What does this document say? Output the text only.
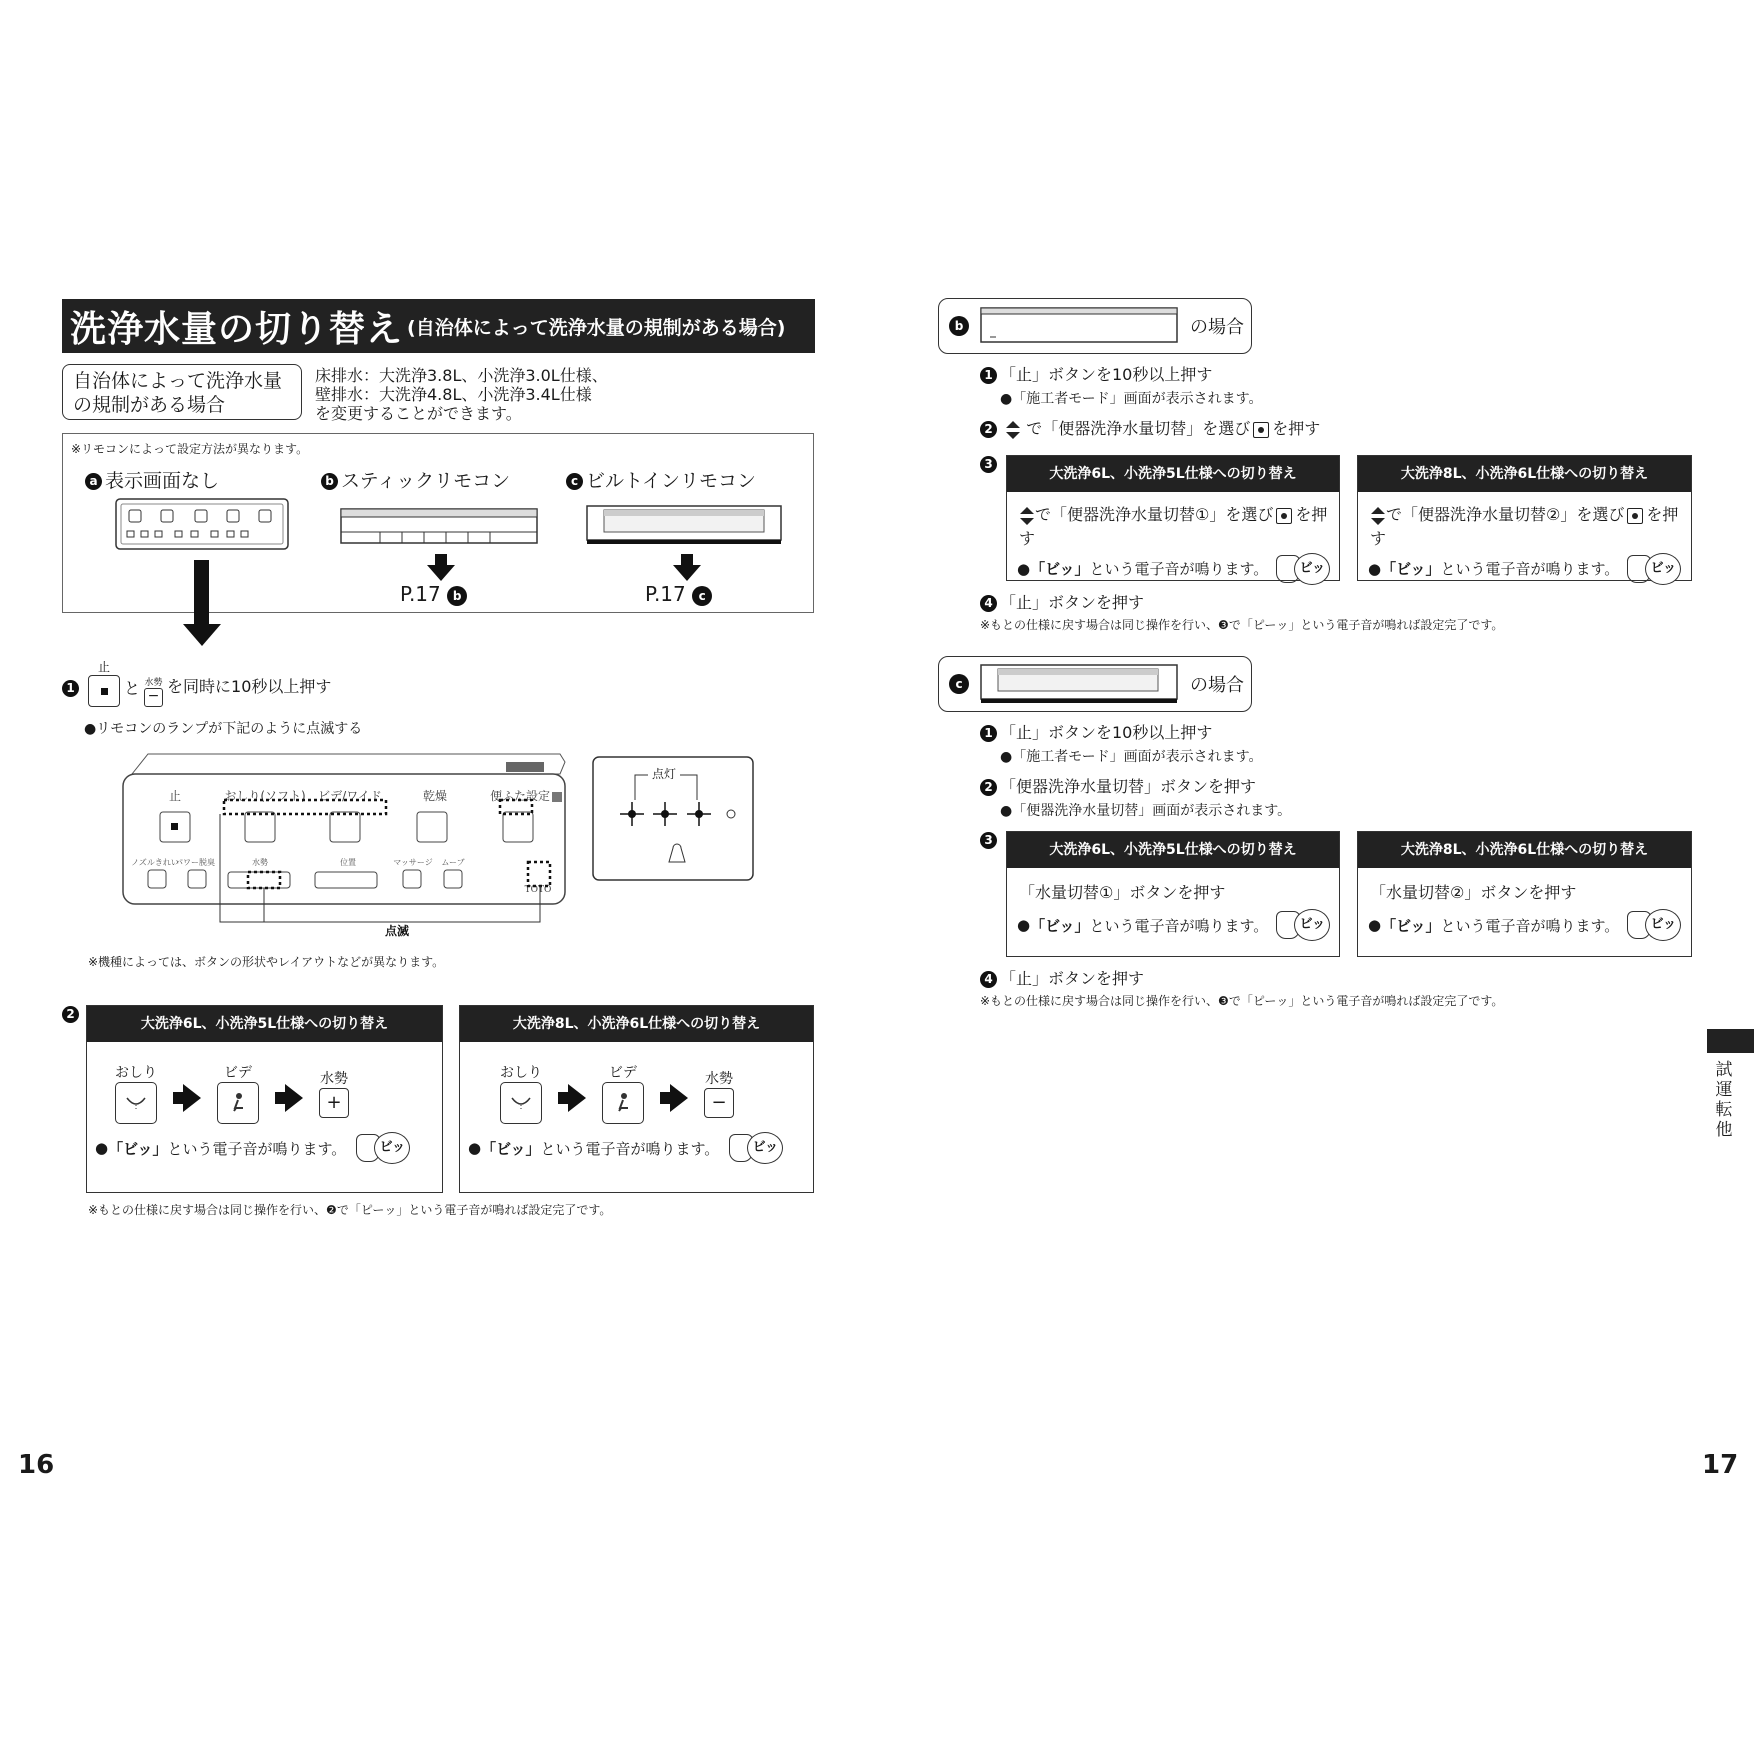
洗浄水量の切り替え (自治体によって洗浄水量の規制がある場合)
自治体によって洗浄水量の規制がある場合
床排水：大洗浄3.8L、小洗浄3.0L仕様、
壁排水：大洗浄4.8L、小洗浄3.4L仕様
を変更することができます。
※リモコンによって設定方法が異なります。
a 表示画面なし	b スティックリモコン	c ビルトインリモコン
P.17 b	P.17 c
1
止
と 水勢
− を同時に10秒以上押す
●リモコンのランプが下記のように点滅する
止	おしり(ソフト) ビデ/ワイド	乾燥	便ふた設定
ノズルきれい
パワー脱臭	水勢	位置	マッサージ ムーブ
TOTO
点滅
点灯
※機種によっては、ボタンの形状やレイアウトなどが異なります。
2
大洗浄6L、小洗浄5L仕様への切り替え
おしり	ビデ	水勢
+
● 「ビッ」 という電子音が鳴ります。	ビッ
大洗浄8L、小洗浄6L仕様への切り替え
おしり	ビデ	水勢
−
● 「ビッ」 という電子音が鳴ります。	ビッ
※もとの仕様に戻す場合は同じ操作を行い、❷で「ピーッ」という電子音が鳴れば設定完了です。
16
b	の場合
1 「止」ボタンを10秒以上押す
●「施工者モード」画面が表示されます。
2 で「便器洗浄水量切替」を選び を押す
3
大洗浄6L、小洗浄5L仕様への切り替え
で「便器洗浄水量切替①」を選び を押す
● 「ビッ」 という電子音が鳴ります。	ビッ
大洗浄8L、小洗浄6L仕様への切り替え
で「便器洗浄水量切替②」を選び を押す
● 「ビッ」 という電子音が鳴ります。	ビッ
4 「止」ボタンを押す
※もとの仕様に戻す場合は同じ操作を行い、❸で「ピーッ」という電子音が鳴れば設定完了です。
c	の場合
1 「止」ボタンを10秒以上押す
●「施工者モード」画面が表示されます。
2 「便器洗浄水量切替」ボタンを押す
●「便器洗浄水量切替」画面が表示されます。
3
大洗浄6L、小洗浄5L仕様への切り替え
「水量切替①」ボタンを押す
● 「ビッ」 という電子音が鳴ります。	ビッ
大洗浄8L、小洗浄6L仕様への切り替え
「水量切替②」ボタンを押す
● 「ビッ」 という電子音が鳴ります。	ビッ
4 「止」ボタンを押す
※もとの仕様に戻す場合は同じ操作を行い、❸で「ピーッ」という電子音が鳴れば設定完了です。
試
運
転
他
17
